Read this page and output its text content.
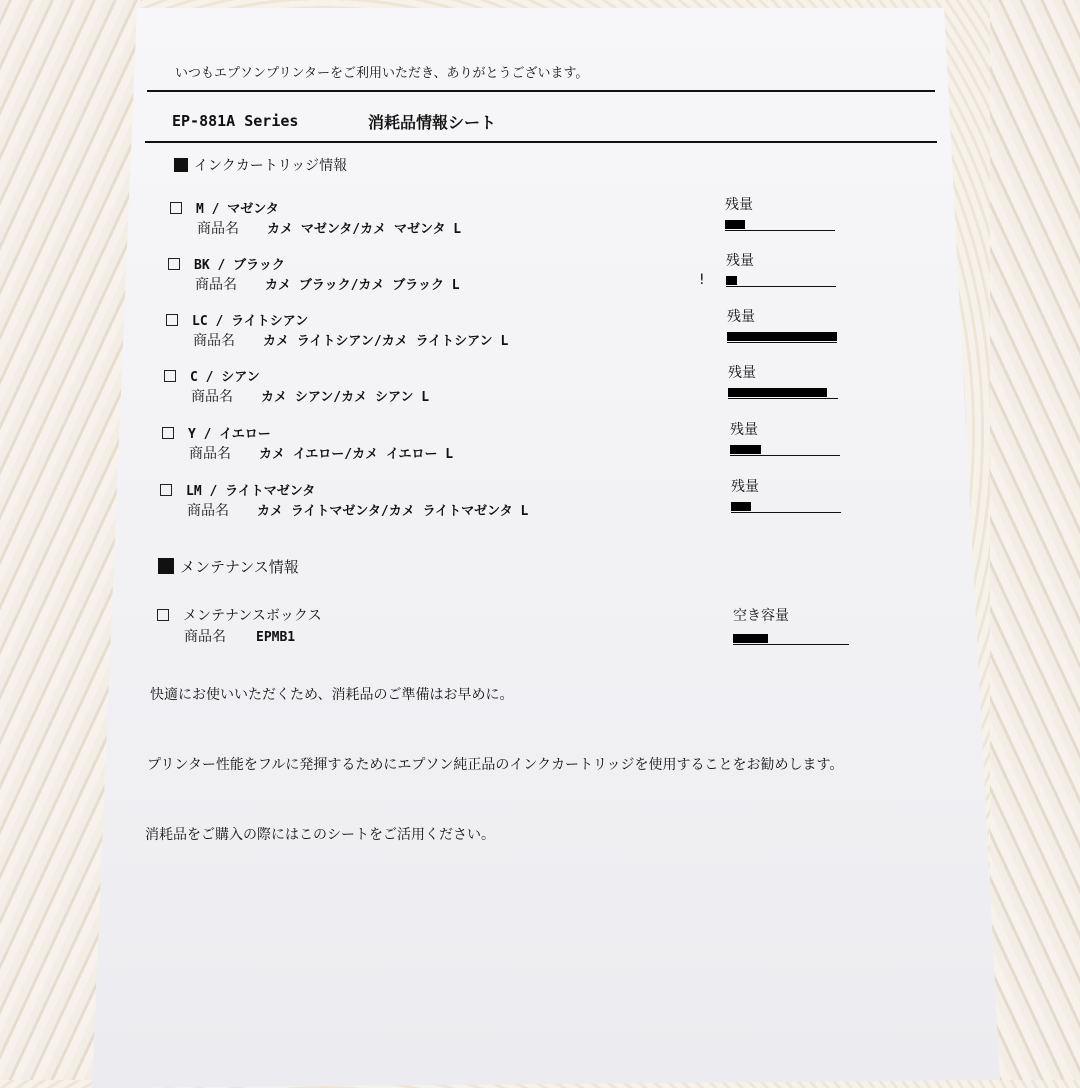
いつもエプソンプリンターをご利用いただき、ありがとうございます。
EP-881A Series	消耗品情報シート
インクカートリッジ情報
M / マゼンタ
商品名 カメ マゼンタ/カメ マゼンタ L
残量
BK / ブラック
商品名 カメ ブラック/カメ ブラック L
残量
LC / ライトシアン
商品名 カメ ライトシアン/カメ ライトシアン L
残量
C / シアン
商品名 カメ シアン/カメ シアン L
残量
Y / イエロー
商品名 カメ イエロー/カメ イエロー L
残量
LM / ライトマゼンタ
商品名 カメ ライトマゼンタ/カメ ライトマゼンタ L
残量
!
メンテナンス情報
メンテナンスボックス
商品名 EPMB1
空き容量
快適にお使いいただくため、消耗品のご準備はお早めに。
プリンター性能をフルに発揮するためにエプソン純正品のインクカートリッジを使用することをお勧めします。
消耗品をご購入の際にはこのシートをご活用ください。
